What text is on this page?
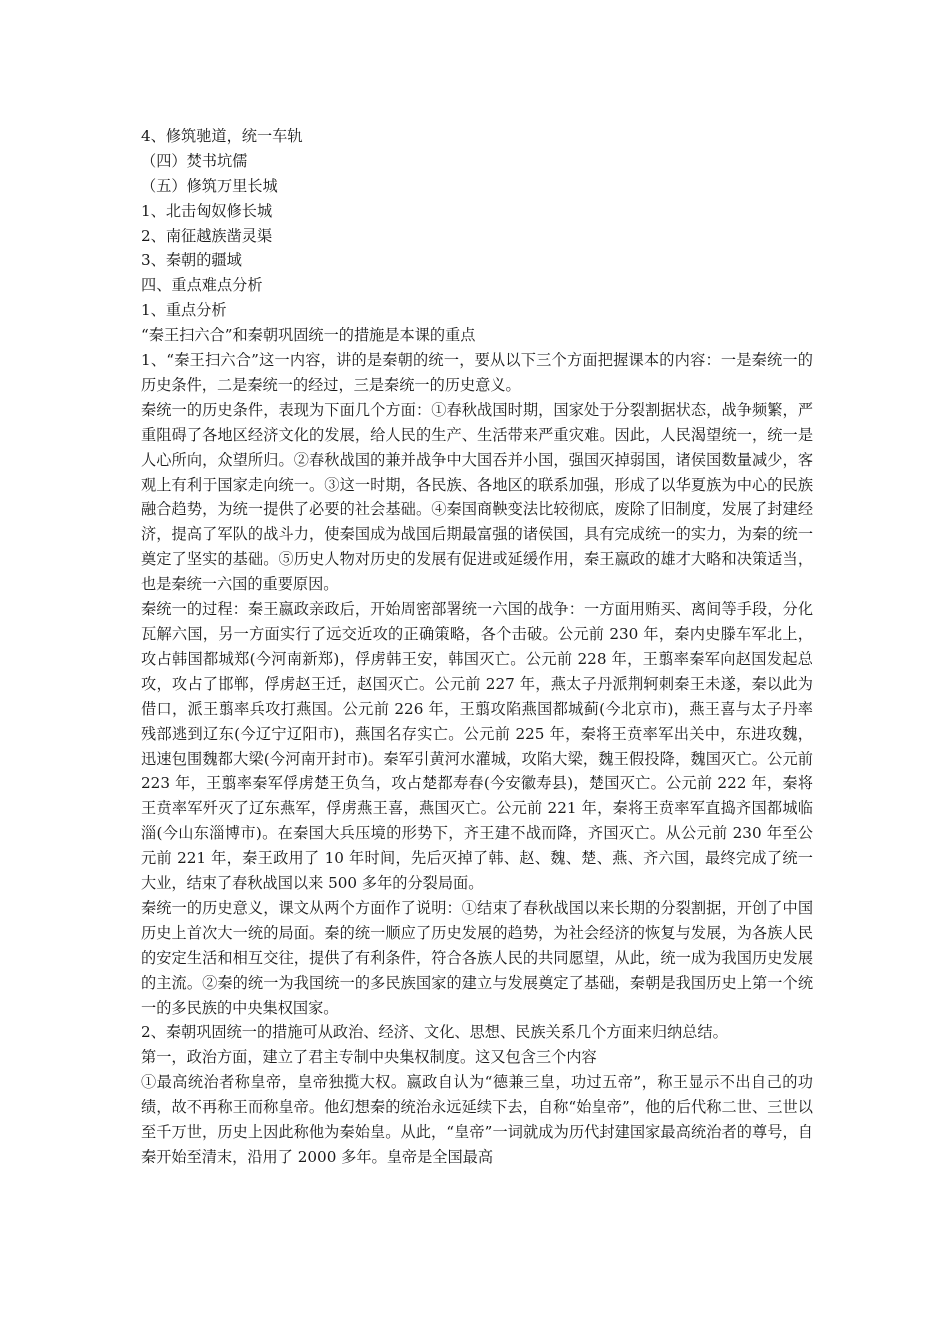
4、修筑驰道，统一车轨
（四）焚书坑儒
（五）修筑万里长城
1、北击匈奴修长城
2、南征越族凿灵渠
3、秦朝的疆域
四、重点难点分析
1、重点分析
“秦王扫六合”和秦朝巩固统一的措施是本课的重点

1、“秦王扫六合”这一内容，讲的是秦朝的统一，要从以下三个方面把握课本的内容：一是秦统一的历史条件，二是秦统一的经过，三是秦统一的历史意义。

秦统一的历史条件，表现为下面几个方面：①春秋战国时期，国家处于分裂割据状态，战争频繁，严重阻碍了各地区经济文化的发展，给人民的生产、生活带来严重灾难。因此，人民渴望统一，统一是人心所向，众望所归。②春秋战国的兼并战争中大国吞并小国，强国灭掉弱国，诸侯国数量减少，客观上有利于国家走向统一。③这一时期，各民族、各地区的联系加强，形成了以华夏族为中心的民族融合趋势，为统一提供了必要的社会基础。④秦国商鞅变法比较彻底，废除了旧制度，发展了封建经济，提高了军队的战斗力，使秦国成为战国后期最富强的诸侯国，具有完成统一的实力，为秦的统一奠定了坚实的基础。⑤历史人物对历史的发展有促进或延缓作用，秦王嬴政的雄才大略和决策适当，也是秦统一六国的重要原因。

秦统一的过程：秦王嬴政亲政后，开始周密部署统一六国的战争：一方面用贿买、离间等手段，分化瓦解六国，另一方面实行了远交近攻的正确策略，各个击破。公元前 230 年，秦内史滕车军北上，攻占韩国都城郑(今河南新郑)，俘虏韩王安，韩国灭亡。公元前 228 年，王翦率秦军向赵国发起总攻，攻占了邯郸，俘虏赵王迁，赵国灭亡。公元前 227 年，燕太子丹派荆轲刺秦王未遂，秦以此为借口，派王翦率兵攻打燕国。公元前 226 年，王翦攻陷燕国都城蓟(今北京市)，燕王喜与太子丹率残部逃到辽东(今辽宁辽阳市)，燕国名存实亡。公元前 225 年，秦将王贲率军出关中，东进攻魏，迅速包围魏都大梁(今河南开封市)。秦军引黄河水灌城，攻陷大梁，魏王假投降，魏国灭亡。公元前 223 年，王翦率秦军俘虏楚王负刍，攻占楚都寿春(今安徽寿县)，楚国灭亡。公元前 222 年，秦将王贲率军歼灭了辽东燕军，俘虏燕王喜，燕国灭亡。公元前 221 年，秦将王贲率军直捣齐国都城临淄(今山东淄博市)。在秦国大兵压境的形势下，齐王建不战而降，齐国灭亡。从公元前 230 年至公元前 221 年，秦王政用了 10 年时间，先后灭掉了韩、赵、魏、楚、燕、齐六国，最终完成了统一大业，结束了春秋战国以来 500 多年的分裂局面。

秦统一的历史意义，课文从两个方面作了说明：①结束了春秋战国以来长期的分裂割据，开创了中国历史上首次大一统的局面。秦的统一顺应了历史发展的趋势，为社会经济的恢复与发展，为各族人民的安定生活和相互交往，提供了有利条件，符合各族人民的共同愿望，从此，统一成为我国历史发展的主流。②秦的统一为我国统一的多民族国家的建立与发展奠定了基础，秦朝是我国历史上第一个统一的多民族的中央集权国家。

2、秦朝巩固统一的措施可从政治、经济、文化、思想、民族关系几个方面来归纳总结。

第一，政治方面，建立了君主专制中央集权制度。这又包含三个内容

①最高统治者称皇帝，皇帝独揽大权。嬴政自认为“德兼三皇，功过五帝”，称王显示不出自己的功绩，故不再称王而称皇帝。他幻想秦的统治永远延续下去，自称“始皇帝”，他的后代称二世、三世以至千万世，历史上因此称他为秦始皇。从此，“皇帝”一词就成为历代封建国家最高统治者的尊号，自秦开始至清末，沿用了 2000 多年。皇帝是全国最高
